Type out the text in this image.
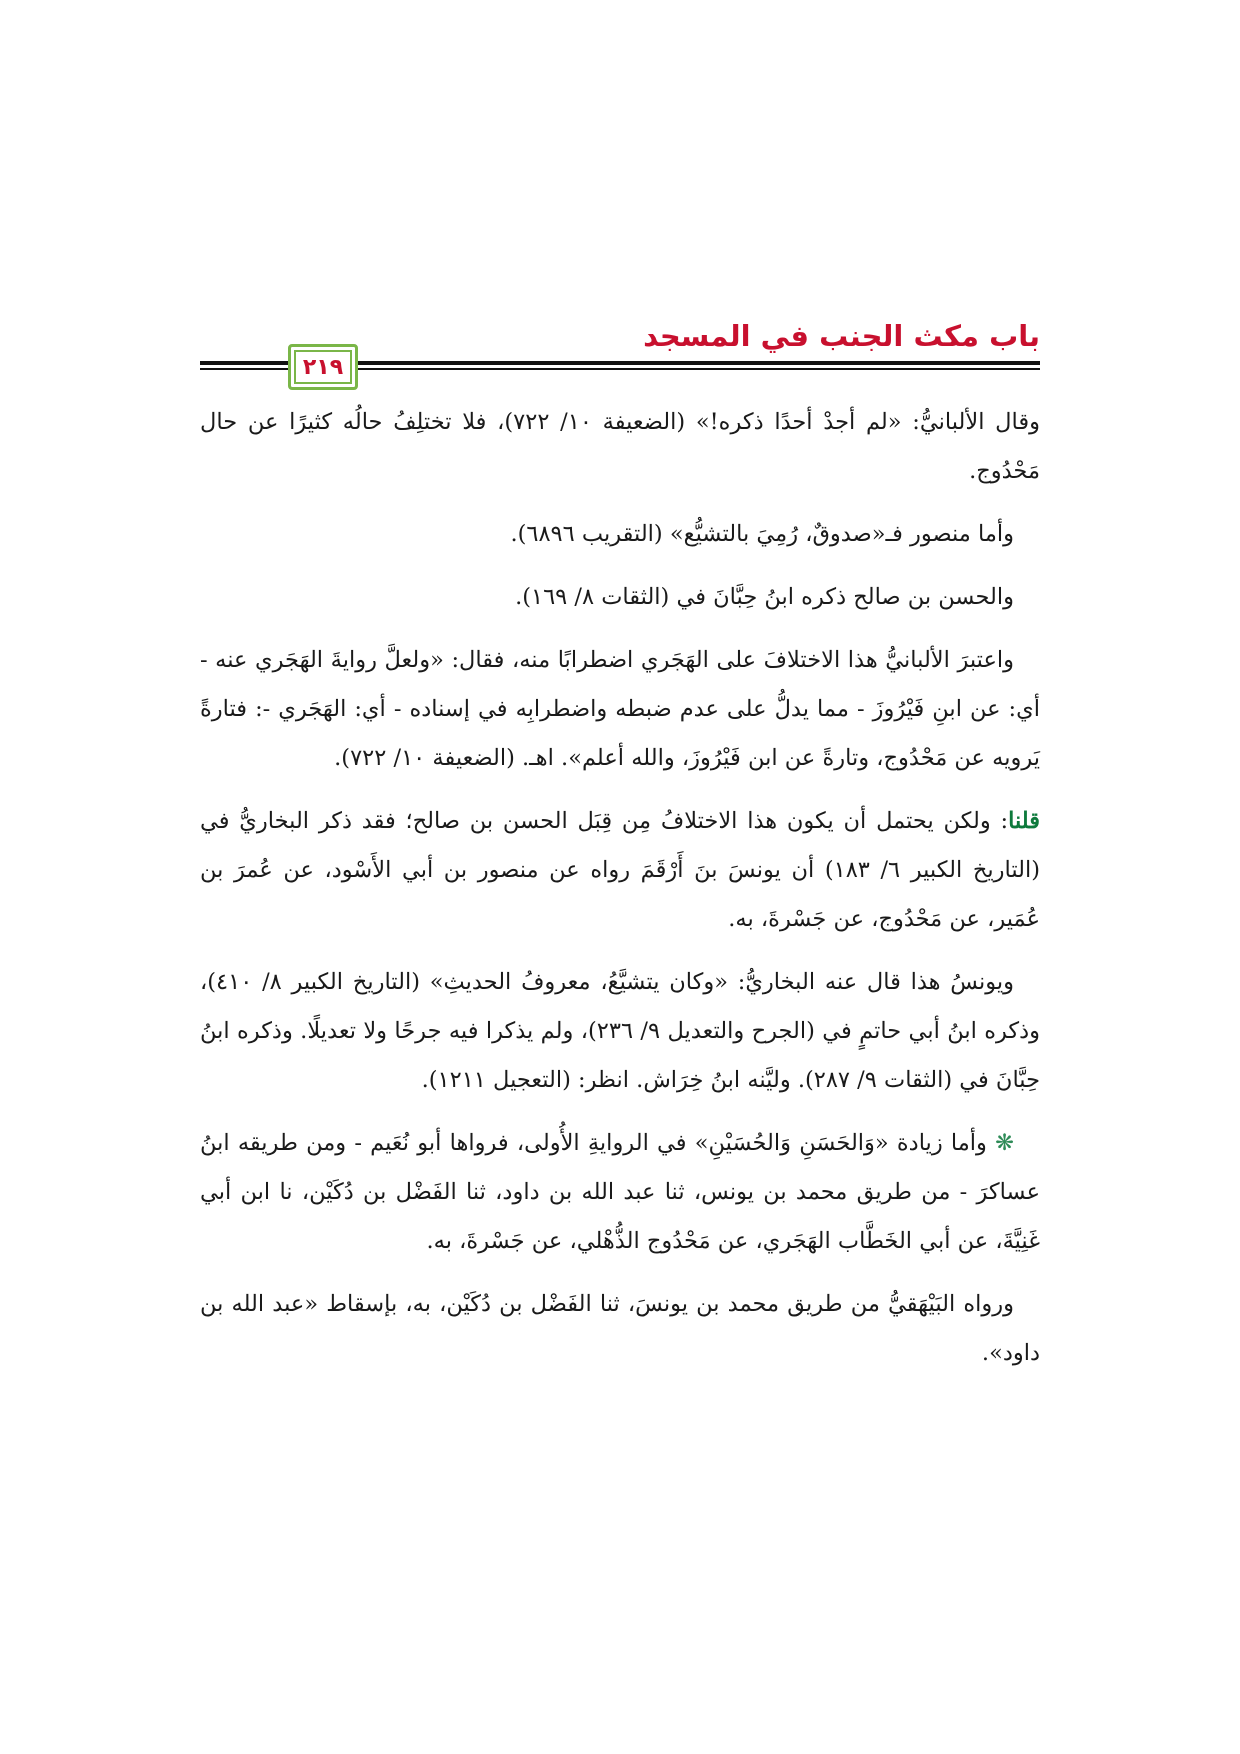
باب مكث الجنب في المسجد
٢١٩

وقال الألبانيُّ: «لم أجدْ أحدًا ذكره!» (الضعيفة ١٠/ ٧٢٢)، فلا تختلِفُ حالُه كثيرًا عن حال مَحْدُوج.

وأما منصور فـ«صدوقٌ، رُمِيَ بالتشيُّع» (التقريب ٦٨٩٦).

والحسن بن صالح ذكره ابنُ حِبَّانَ في (الثقات ٨/ ١٦٩).

واعتبرَ الألبانيُّ هذا الاختلافَ على الهَجَري اضطرابًا منه، فقال: «ولعلَّ روايةَ الهَجَري عنه - أي: عن ابنِ فَيْرُوزَ - مما يدلُّ على عدم ضبطه واضطرابِه في إسناده - أي: الهَجَري -: فتارةً يَرويه عن مَحْدُوج، وتارةً عن ابن فَيْرُوزَ، والله أعلم». اهـ. (الضعيفة ١٠/ ٧٢٢).

قلنا: ولكن يحتمل أن يكون هذا الاختلافُ مِن قِبَل الحسن بن صالح؛ فقد ذكر البخاريُّ في (التاريخ الكبير ٦/ ١٨٣) أن يونسَ بنَ أَرْقَمَ رواه عن منصور بن أبي الأَسْود، عن عُمرَ بن عُمَير، عن مَحْدُوج، عن جَسْرةَ، به.

ويونسُ هذا قال عنه البخاريُّ: «وكان يتشيَّعُ، معروفُ الحديثِ» (التاريخ الكبير ٨/ ٤١٠)، وذكره ابنُ أبي حاتمٍ في (الجرح والتعديل ٩/ ٢٣٦)، ولم يذكرا فيه جرحًا ولا تعديلًا. وذكره ابنُ حِبَّانَ في (الثقات ٩/ ٢٨٧). وليَّنه ابنُ خِرَاش. انظر: (التعجيل ١٢١١).

❋ وأما زيادة «وَالحَسَنِ وَالحُسَيْنِ» في الروايةِ الأُولى، فرواها أبو نُعَيم - ومن طريقه ابنُ عساكرَ - من طريق محمد بن يونس، ثنا عبد الله بن داود، ثنا الفَضْل بن دُكَيْن، نا ابن أبي غَنِيَّةَ، عن أبي الخَطَّاب الهَجَري، عن مَحْدُوج الذُّهْلي، عن جَسْرةَ، به.

ورواه البَيْهَقيُّ من طريق محمد بن يونسَ، ثنا الفَضْل بن دُكَيْن، به، بإسقاط «عبد الله بن داود».
